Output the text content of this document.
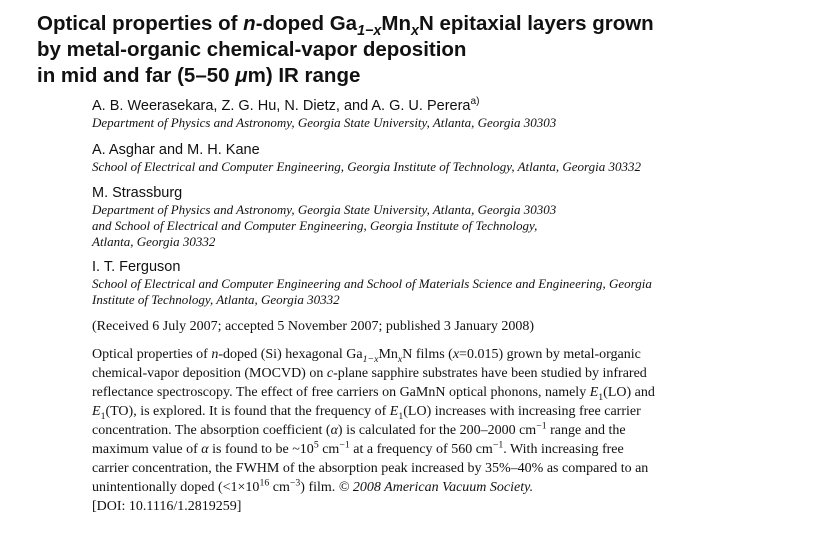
Optical properties of n-doped $Ga_{1-x}Mn_xN$ epitaxial layers grown
by metal-organic chemical-vapor deposition
in mid and far (5–50 μm) IR range
A. B. Weerasekara, Z. G. Hu, N. Dietz, and A. G. U. Perera$^{a)}$
Department of Physics and Astronomy, Georgia State University, Atlanta, Georgia 30303
A. Asghar and M. H. Kane
School of Electrical and Computer Engineering, Georgia Institute of Technology, Atlanta, Georgia 30332
M. Strassburg
Department of Physics and Astronomy, Georgia State University, Atlanta, Georgia 30303
and School of Electrical and Computer Engineering, Georgia Institute of Technology,
Atlanta, Georgia 30332
I. T. Ferguson
School of Electrical and Computer Engineering and School of Materials Science and Engineering, Georgia
Institute of Technology, Atlanta, Georgia 30332
(Received 6 July 2007; accepted 5 November 2007; published 3 January 2008)
Optical properties of n-doped (Si) hexagonal $Ga_{1-x}Mn_xN$ films (x=0.015) grown by metal-organic
chemical-vapor deposition (MOCVD) on c-plane sapphire substrates have been studied by infrared
reflectance spectroscopy. The effect of free carriers on GaMnN optical phonons, namely $E_1(LO)$ and
$E_1(TO)$, is explored. It is found that the frequency of $E_1(LO)$ increases with increasing free carrier
concentration. The absorption coefficient (α) is calculated for the 200–2000 $cm^{-1}$ range and the
maximum value of α is found to be $\sim 10^5$ $cm^{-1}$ at a frequency of 560 $cm^{-1}$. With increasing free
carrier concentration, the FWHM of the absorption peak increased by 35%–40% as compared to an
unintentionally doped ($<1\times 10^{16}$ $cm^{-3}$) film. © 2008 American Vacuum Society.
[DOI: 10.1116/1.2819259]
